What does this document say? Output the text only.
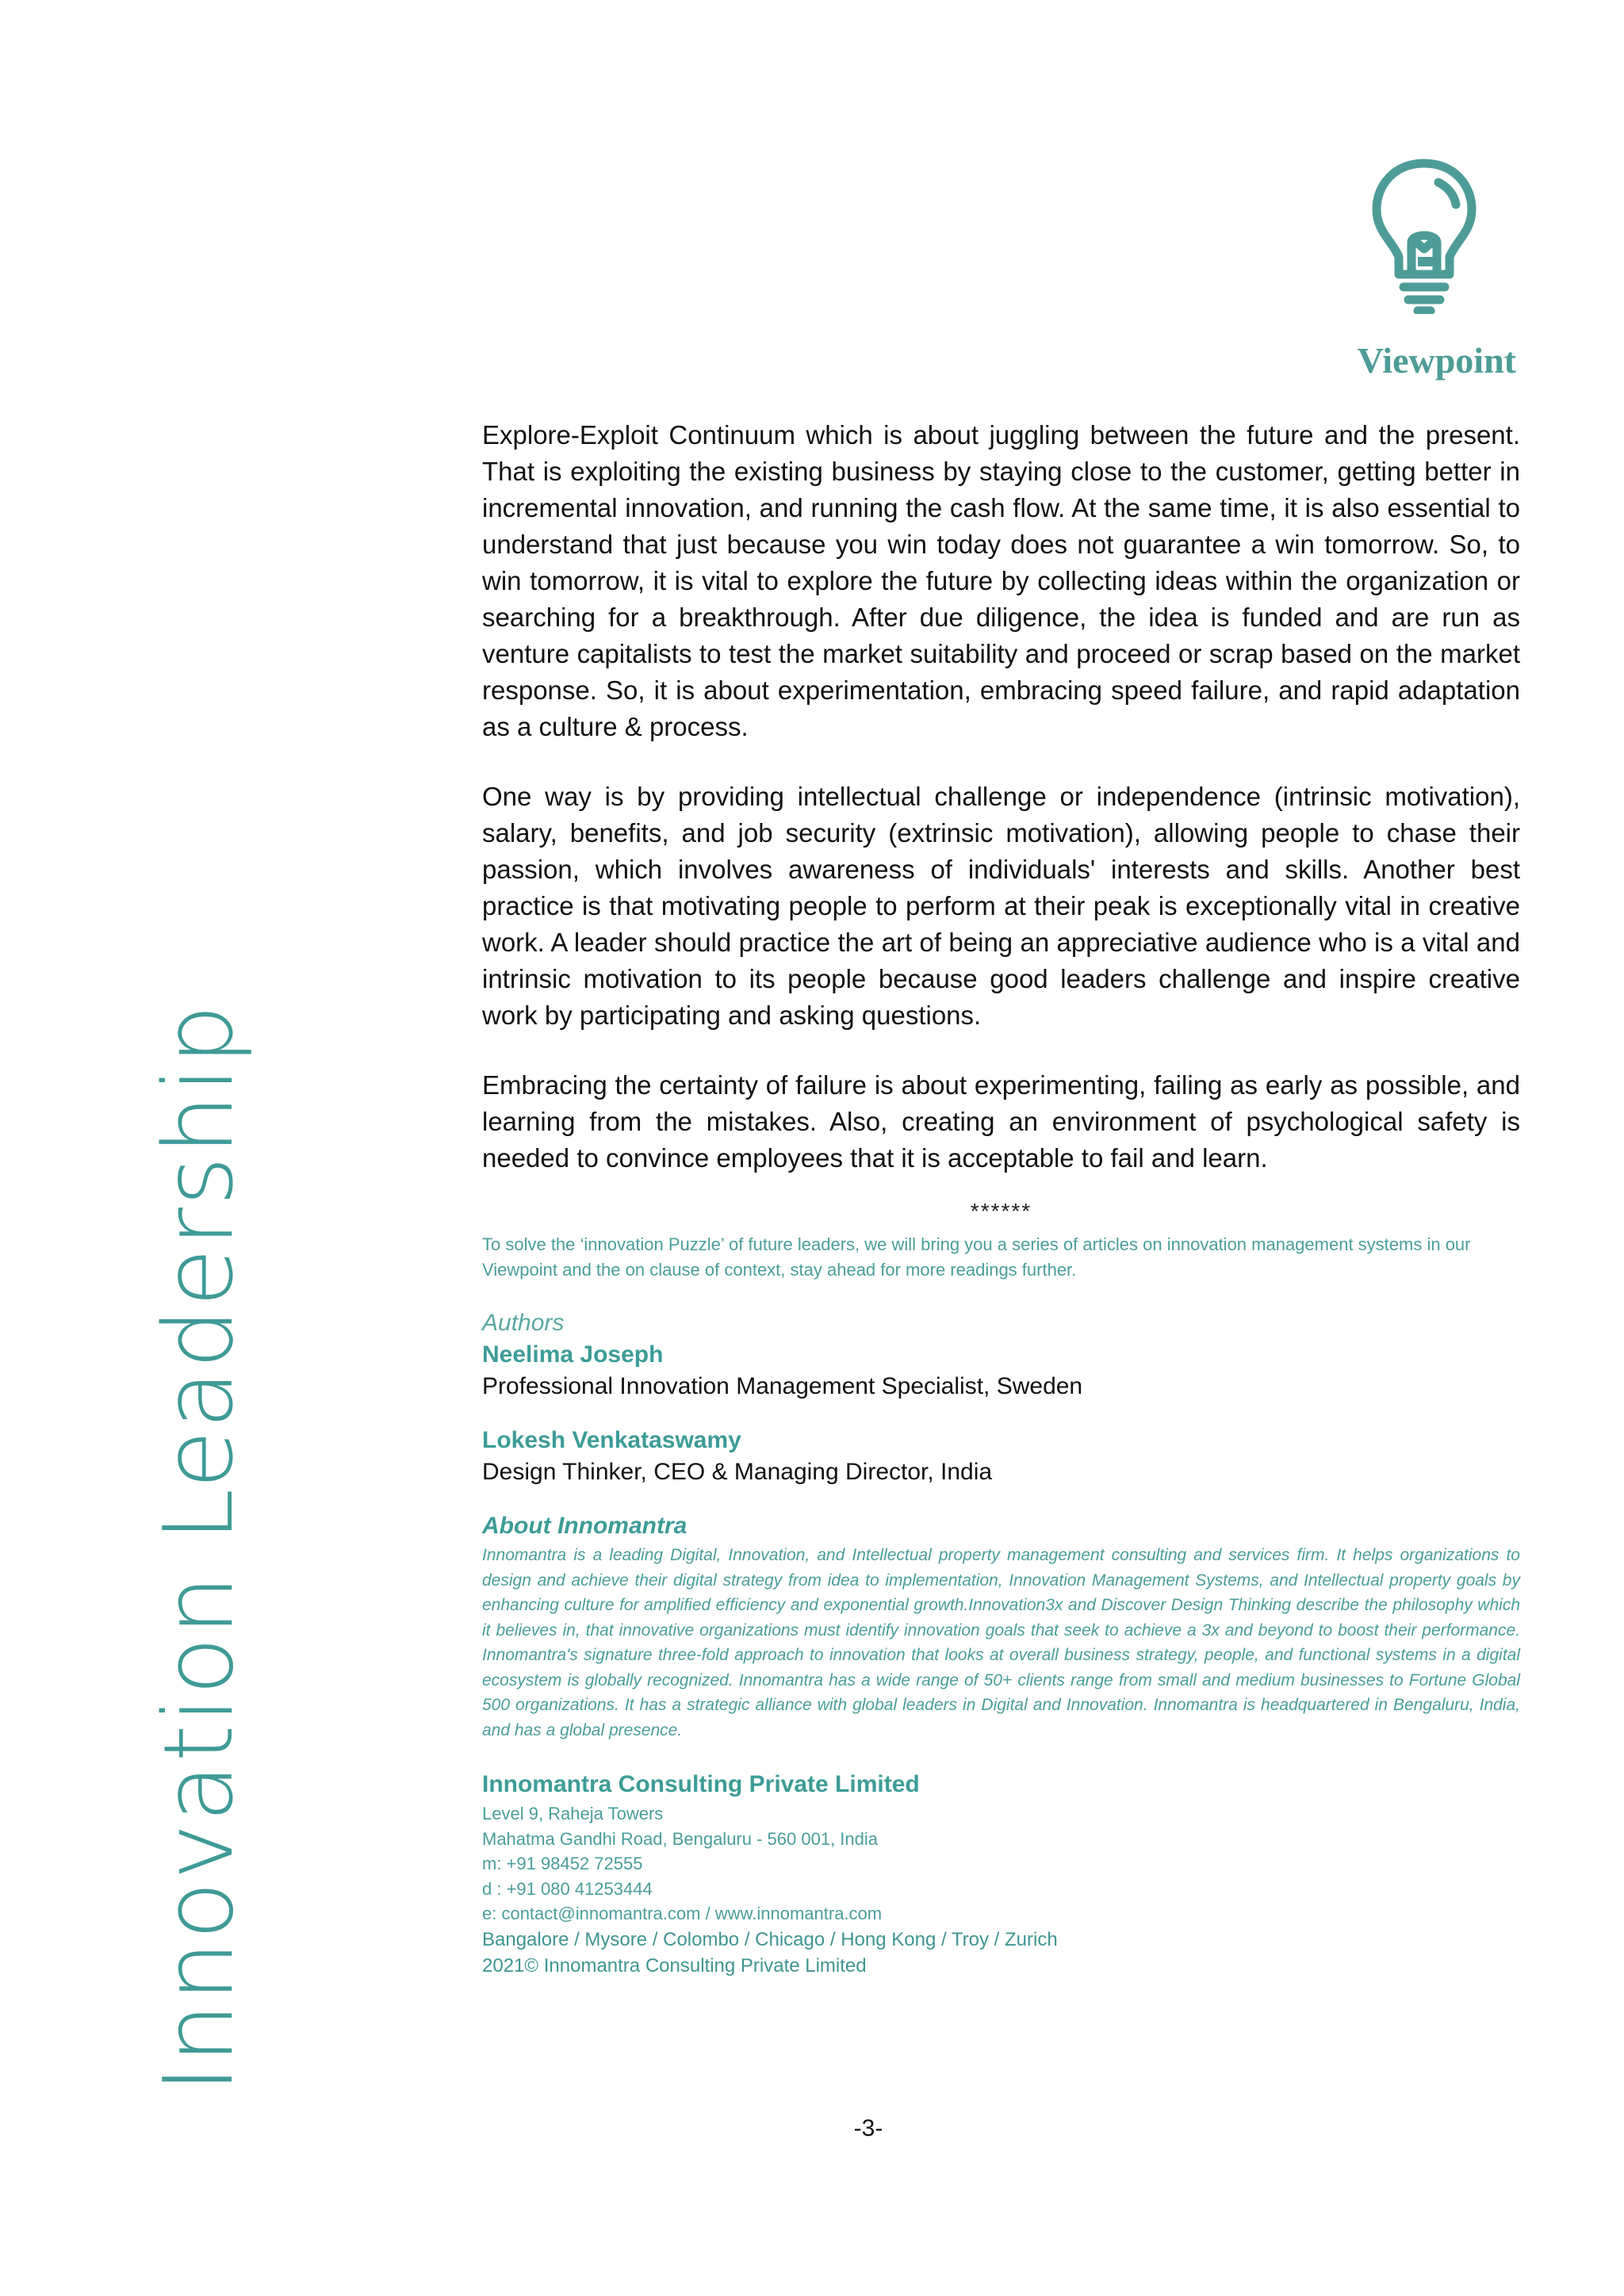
Innovation Leadership
Viewpoint

Explore-Exploit Continuum which is about juggling between the future and the present. That is exploiting the existing business by staying close to the customer, getting better in incremental innovation, and running the cash flow. At the same time, it is also essential to understand that just because you win today does not guarantee a win tomorrow. So, to win tomorrow, it is vital to explore the future by collecting ideas within the organization or searching for a breakthrough. After due diligence, the idea is funded and are run as venture capitalists to test the market suitability and proceed or scrap based on the market response. So, it is about experimentation, embracing speed failure, and rapid adaptation as a culture & process.

One way is by providing intellectual challenge or independence (intrinsic motivation), salary, benefits, and job security (extrinsic motivation), allowing people to chase their passion, which involves awareness of individuals' interests and skills. Another best practice is that motivating people to perform at their peak is exceptionally vital in creative work. A leader should practice the art of being an appreciative audience who is a vital and intrinsic motivation to its people because good leaders challenge and inspire creative work by participating and asking questions.

Embracing the certainty of failure is about experimenting, failing as early as possible, and learning from the mistakes. Also, creating an environment of psychological safety is needed to convince employees that it is acceptable to fail and learn.

******

To solve the ‘innovation Puzzle’ of future leaders, we will bring you a series of articles on innovation management systems in our Viewpoint and the on clause of context, stay ahead for more readings further.

Authors
Neelima Joseph
Professional Innovation Management Specialist, Sweden
Lokesh Venkataswamy
Design Thinker, CEO & Managing Director, India
About Innomantra

Innomantra is a leading Digital, Innovation, and Intellectual property management consulting and services firm. It helps organizations to design and achieve their digital strategy from idea to implementation, Innovation Management Systems, and Intellectual property goals by enhancing culture for amplified efficiency and exponential growth.Innovation3x and Discover Design Thinking describe the philosophy which it believes in, that innovative organizations must identify innovation goals that seek to achieve a 3x and beyond to boost their performance. Innomantra's signature three-fold approach to innovation that looks at overall business strategy, people, and functional systems in a digital ecosystem is globally recognized. Innomantra has a wide range of 50+ clients range from small and medium businesses to Fortune Global 500 organizations. It has a strategic alliance with global leaders in Digital and Innovation. Innomantra is headquartered in Bengaluru, India, and has a global presence.

Innomantra Consulting Private Limited

Level 9, Raheja Towers

Mahatma Gandhi Road, Bengaluru - 560 001, India

m: +91 98452 72555

d : +91 080 41253444

e: contact@innomantra.com / www.innomantra.com

Bangalore / Mysore / Colombo / Chicago / Hong Kong / Troy / Zurich

2021© Innomantra Consulting Private Limited

-3-
